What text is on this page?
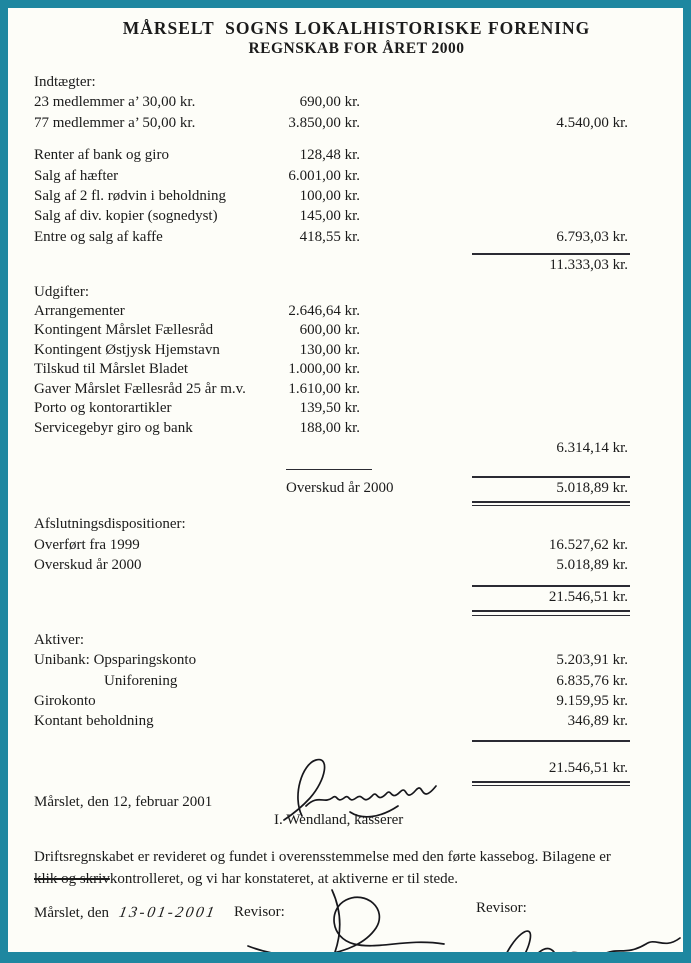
MÅRSELT  SOGNS LOKALHISTORISKE FORENING
REGNSKAB FOR ÅRET 2000
Indtægter:
23 medlemmer a’ 30,00 kr.	690,00 kr.
77 medlemmer a’ 50,00 kr.	3.850,00 kr.	4.540,00 kr.
Renter af bank og giro	128,48 kr.
Salg af hæfter	6.001,00 kr.
Salg af 2 fl. rødvin i beholdning	100,00 kr.
Salg af div. kopier (sognedyst)	145,00 kr.
Entre og salg af kaffe	418,55 kr.	6.793,03 kr.
11.333,03 kr.
Udgifter:
Arrangementer	2.646,64 kr.
Kontingent Mårslet Fællesråd	600,00 kr.
Kontingent Østjysk Hjemstavn	130,00 kr.
Tilskud til Mårslet Bladet	1.000,00 kr.
Gaver Mårslet Fællesråd 25 år m.v.	1.610,00 kr.
Porto og kontorartikler	139,50 kr.
Servicegebyr giro og bank	188,00 kr.
6.314,14 kr.
Overskud år 2000	5.018,89 kr.
Afslutningsdispositioner:
Overført fra 1999	16.527,62 kr.
Overskud år 2000	5.018,89 kr.
21.546,51 kr.
Aktiver:
Unibank: Opsparingskonto	5.203,91 kr.
Uniforening	6.835,76 kr.
Girokonto	9.159,95 kr.
Kontant beholdning	346,89 kr.
21.546,51 kr.
Mårslet, den 12, februar 2001
I. Wendland, kasserer
Driftsregnskabet er revideret og fundet i overensstemmelse med den førte kassebog. Bilagene er
klik og skrivkontrolleret, og vi har konstateret, at aktiverne er til stede.
Mårslet, den 13-01-2001 Revisor:	Revisor:
